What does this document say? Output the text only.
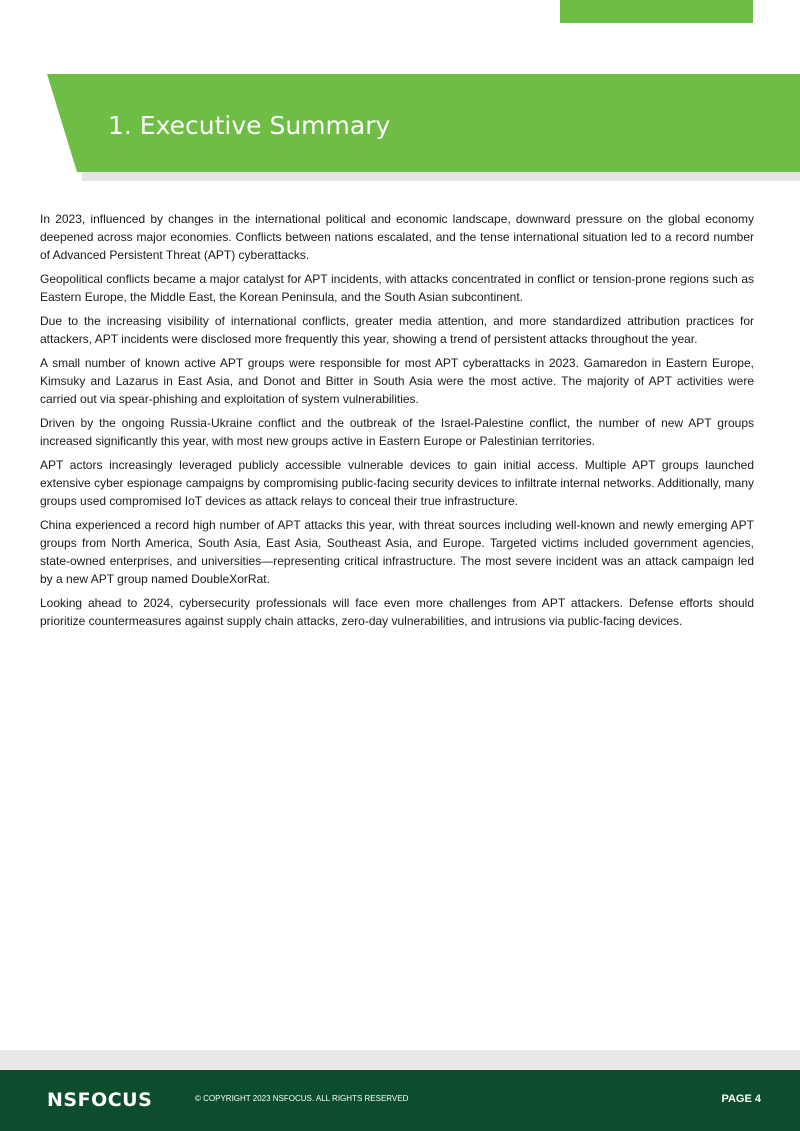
1. Executive Summary

In 2023, influenced by changes in the international political and economic landscape, downward pressure on the global economy deepened across major economies. Conflicts between nations escalated, and the tense international situation led to a record number of Advanced Persistent Threat (APT) cyberattacks.

Geopolitical conflicts became a major catalyst for APT incidents, with attacks concentrated in conflict or tension-prone regions such as Eastern Europe, the Middle East, the Korean Peninsula, and the South Asian subcontinent.

Due to the increasing visibility of international conflicts, greater media attention, and more standardized attribution practices for attackers, APT incidents were disclosed more frequently this year, showing a trend of persistent attacks throughout the year.

A small number of known active APT groups were responsible for most APT cyberattacks in 2023. Gamaredon in Eastern Europe, Kimsuky and Lazarus in East Asia, and Donot and Bitter in South Asia were the most active. The majority of APT activities were carried out via spear-phishing and exploitation of system vulnerabilities.

Driven by the ongoing Russia-Ukraine conflict and the outbreak of the Israel-Palestine conflict, the number of new APT groups increased significantly this year, with most new groups active in Eastern Europe or Palestinian territories.

APT actors increasingly leveraged publicly accessible vulnerable devices to gain initial access. Multiple APT groups launched extensive cyber espionage campaigns by compromising public-facing security devices to infiltrate internal networks. Additionally, many groups used compromised IoT devices as attack relays to conceal their true infrastructure.

China experienced a record high number of APT attacks this year, with threat sources including well-known and newly emerging APT groups from North America, South Asia, East Asia, Southeast Asia, and Europe. Targeted victims included government agencies, state-owned enterprises, and universities—representing critical infrastructure. The most severe incident was an attack campaign led by a new APT group named DoubleXorRat.

Looking ahead to 2024, cybersecurity professionals will face even more challenges from APT attackers. Defense efforts should prioritize countermeasures against supply chain attacks, zero-day vulnerabilities, and intrusions via public-facing devices.

NSFOCUS	© COPYRIGHT 2023 NSFOCUS. ALL RIGHTS RESERVED	PAGE 4
